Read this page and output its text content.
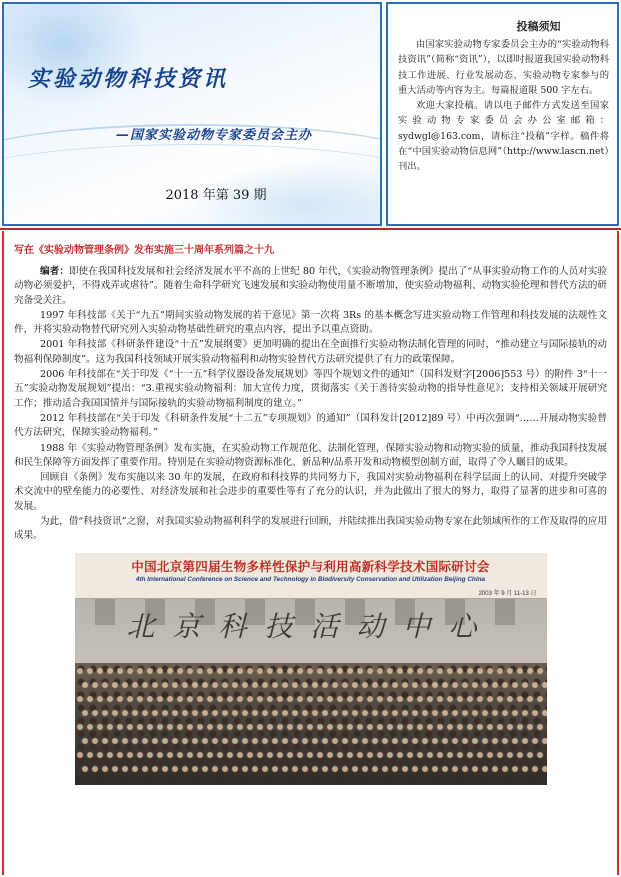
实验动物科技资讯
—国家实验动物专家委员会主办
2018 年第 39 期
投稿须知

由国家实验动物专家委员会主办的“实验动物科技资讯”（简称“资讯”），以即时报道我国实验动物科技工作进展、行业发展动态、实验动物专家参与的重大活动等内容为主。每篇报道限 500 字左右。

欢迎大家投稿。请以电子邮件方式发送至国家实验动物专家委员会办公室邮箱：sydwgl@163.com，请标注“投稿”字样。稿件将在“中国实验动物信息网”（http://www.lascn.net）刊出。

写在《实验动物管理条例》发布实施三十周年系列篇之十九

编者：即使在我国科技发展和社会经济发展水平不高的上世纪 80 年代，《实验动物管理条例》提出了“从事实验动物工作的人员对实验动物必须爱护，不得戏弄或虐待”。随着生命科学研究飞速发展和实验动物使用量不断增加，使实验动物福利、动物实验伦理和替代方法的研究备受关注。

1997 年科技部《关于“九五”期间实验动物发展的若干意见》第一次将 3Rs 的基本概念写进实验动物工作管理和科技发展的法规性文件，并将实验动物替代研究列入实验动物基础性研究的重点内容，提出予以重点资助。

2001 年科技部《科研条件建设“十五”发展纲要》更加明确的提出在全面推行实验动物法制化管理的同时，“推动建立与国际接轨的动物福利保障制度”。这为我国科技领域开展实验动物福利和动物实验替代方法研究提供了有力的政策保障。

2006 年科技部在“关于印发《“十一五”科学仪器设备发展规划》等四个规划文件的通知”（国科发财字[2006]553 号）的附件 3“十一五”实验动物发展规划”提出：“3.重视实验动物福利：加大宣传力度，贯彻落实《关于善待实验动物的指导性意见》；支持相关领域开展研究工作；推动适合我国国情并与国际接轨的实验动物福利制度的建立。”

2012 年科技部在“关于印发《科研条件发展“十二五”专项规划》的通知”（国科发计[2012]89 号）中再次强调“……开展动物实验替代方法研究，保障实验动物福利。”

1988 年《实验动物管理条例》发布实施，在实验动物工作规范化、法制化管理，保障实验动物和动物实验的质量，推动我国科技发展和民生保障等方面发挥了重要作用。特别是在实验动物资源标准化、新品种/品系开发和动物模型创制方面，取得了令人瞩目的成果。

回顾自《条例》发布实施以来 30 年的发展，在政府和科技界的共同努力下，我国对实验动物福利在科学层面上的认同、对提升突破学术交流中的壁垒能力的必要性、对经济发展和社会进步的重要性等有了充分的认识，并为此做出了很大的努力，取得了显著的进步和可喜的发展。

为此，借“科技资讯”之窗，对我国实验动物福利科学的发展进行回顾，并陆续推出我国实验动物专家在此领域所作的工作及取得的应用成果。

中国北京第四届生物多样性保护与利用高新科学技术国际研讨会
4th International Conference on Science and Technology in Biodiversity Conservation and Utilization Beijing China
2003 年 9 月 11-13 日
北京科技活动中心
